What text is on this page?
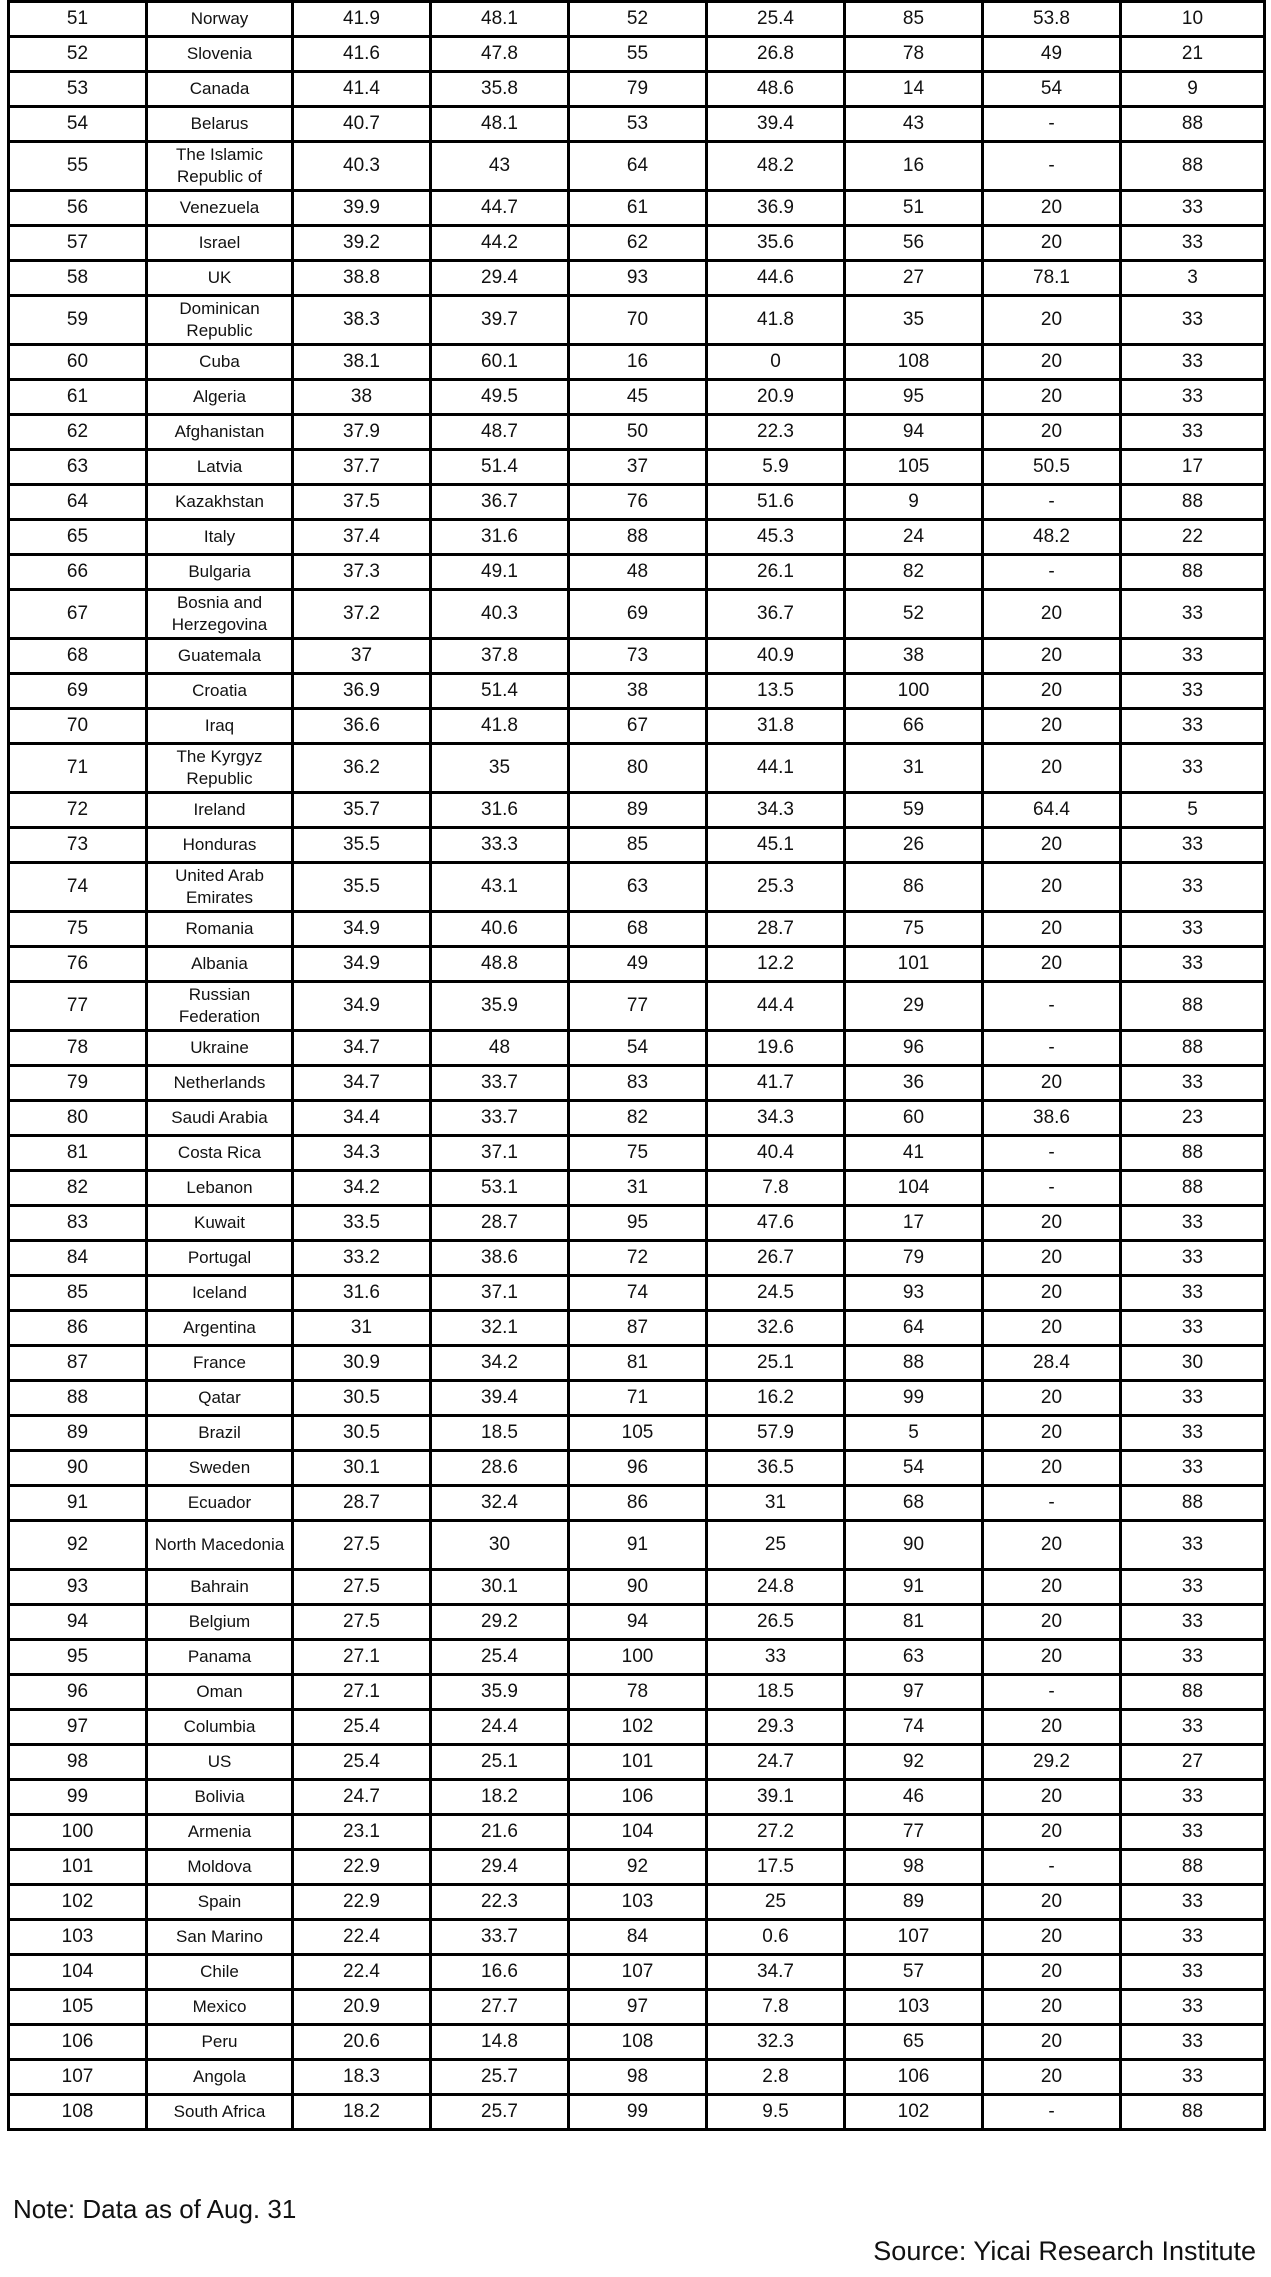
51	Norway	41.9	48.1	52	25.4	85	53.8	10
52	Slovenia	41.6	47.8	55	26.8	78	49	21
53	Canada	41.4	35.8	79	48.6	14	54	9
54	Belarus	40.7	48.1	53	39.4	43	-	88
55	The Islamic Republic of	40.3	43	64	48.2	16	-	88
56	Venezuela	39.9	44.7	61	36.9	51	20	33
57	Israel	39.2	44.2	62	35.6	56	20	33
58	UK	38.8	29.4	93	44.6	27	78.1	3
59	Dominican Republic	38.3	39.7	70	41.8	35	20	33
60	Cuba	38.1	60.1	16	0	108	20	33
61	Algeria	38	49.5	45	20.9	95	20	33
62	Afghanistan	37.9	48.7	50	22.3	94	20	33
63	Latvia	37.7	51.4	37	5.9	105	50.5	17
64	Kazakhstan	37.5	36.7	76	51.6	9	-	88
65	Italy	37.4	31.6	88	45.3	24	48.2	22
66	Bulgaria	37.3	49.1	48	26.1	82	-	88
67	Bosnia and Herzegovina	37.2	40.3	69	36.7	52	20	33
68	Guatemala	37	37.8	73	40.9	38	20	33
69	Croatia	36.9	51.4	38	13.5	100	20	33
70	Iraq	36.6	41.8	67	31.8	66	20	33
71	The Kyrgyz Republic	36.2	35	80	44.1	31	20	33
72	Ireland	35.7	31.6	89	34.3	59	64.4	5
73	Honduras	35.5	33.3	85	45.1	26	20	33
74	United Arab Emirates	35.5	43.1	63	25.3	86	20	33
75	Romania	34.9	40.6	68	28.7	75	20	33
76	Albania	34.9	48.8	49	12.2	101	20	33
77	Russian Federation	34.9	35.9	77	44.4	29	-	88
78	Ukraine	34.7	48	54	19.6	96	-	88
79	Netherlands	34.7	33.7	83	41.7	36	20	33
80	Saudi Arabia	34.4	33.7	82	34.3	60	38.6	23
81	Costa Rica	34.3	37.1	75	40.4	41	-	88
82	Lebanon	34.2	53.1	31	7.8	104	-	88
83	Kuwait	33.5	28.7	95	47.6	17	20	33
84	Portugal	33.2	38.6	72	26.7	79	20	33
85	Iceland	31.6	37.1	74	24.5	93	20	33
86	Argentina	31	32.1	87	32.6	64	20	33
87	France	30.9	34.2	81	25.1	88	28.4	30
88	Qatar	30.5	39.4	71	16.2	99	20	33
89	Brazil	30.5	18.5	105	57.9	5	20	33
90	Sweden	30.1	28.6	96	36.5	54	20	33
91	Ecuador	28.7	32.4	86	31	68	-	88
92	North Macedonia	27.5	30	91	25	90	20	33
93	Bahrain	27.5	30.1	90	24.8	91	20	33
94	Belgium	27.5	29.2	94	26.5	81	20	33
95	Panama	27.1	25.4	100	33	63	20	33
96	Oman	27.1	35.9	78	18.5	97	-	88
97	Columbia	25.4	24.4	102	29.3	74	20	33
98	US	25.4	25.1	101	24.7	92	29.2	27
99	Bolivia	24.7	18.2	106	39.1	46	20	33
100	Armenia	23.1	21.6	104	27.2	77	20	33
101	Moldova	22.9	29.4	92	17.5	98	-	88
102	Spain	22.9	22.3	103	25	89	20	33
103	San Marino	22.4	33.7	84	0.6	107	20	33
104	Chile	22.4	16.6	107	34.7	57	20	33
105	Mexico	20.9	27.7	97	7.8	103	20	33
106	Peru	20.6	14.8	108	32.3	65	20	33
107	Angola	18.3	25.7	98	2.8	106	20	33
108	South Africa	18.2	25.7	99	9.5	102	-	88
Note: Data as of Aug. 31
Source: Yicai Research Institute
